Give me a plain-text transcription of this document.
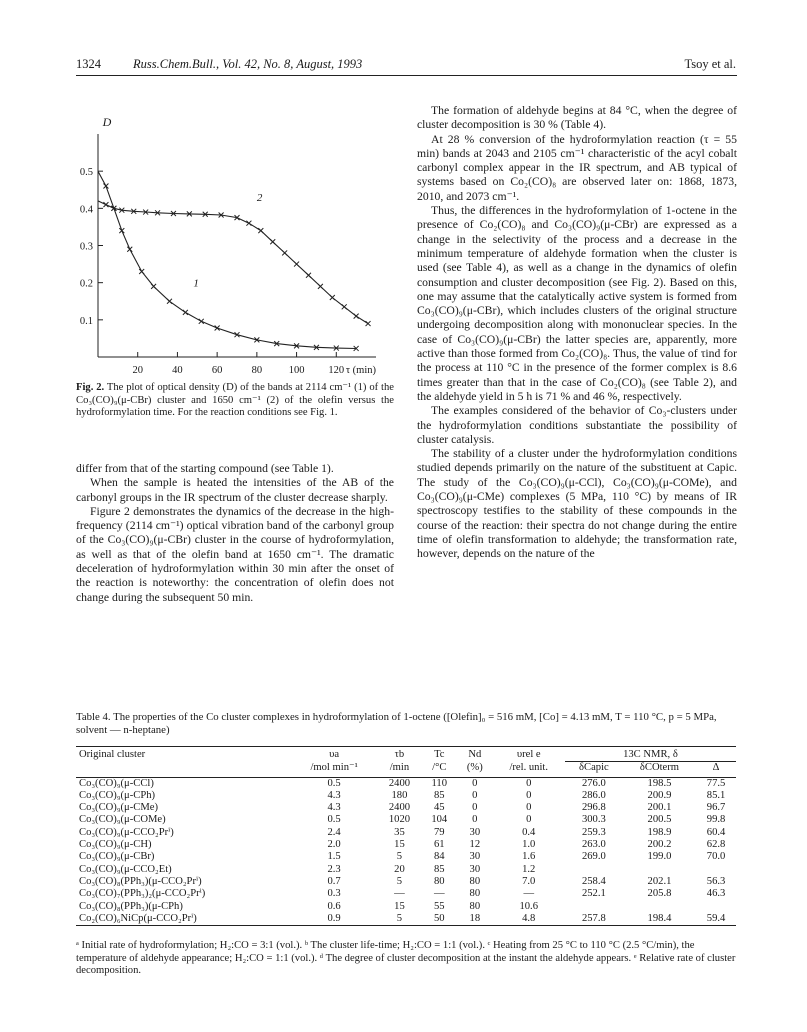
1324	Russ.Chem.Bull., Vol. 42, No. 8, August, 1993	Tsoy et al.
0.1
0.2
0.3
0.4
0.5
20	40	60	80	100 120
D
τ (min)
1
2
Fig. 2. The plot of optical density (D) of the bands at 2114 cm⁻¹ (1) of the Co₃(CO)₉(μ-CBr) cluster and 1650 cm⁻¹ (2) of the olefin versus the hydroformylation time. For the reaction conditions see Fig. 1.

differ from that of the starting compound (see Table 1).

When the sample is heated the intensities of the AB of the carbonyl groups in the IR spectrum of the cluster decrease sharply.

Figure 2 demonstrates the dynamics of the decrease in the high-frequency (2114 cm⁻¹) optical vibration band of the carbonyl group of the Co₃(CO)₉(μ-CBr) cluster in the course of hydroformylation, as well as that of the olefin band at 1650 cm⁻¹. The dramatic deceleration of hydroformylation within 30 min after the onset of the reaction is noteworthy: the concentration of olefin does not change during the subsequent 50 min.

The formation of aldehyde begins at 84 °C, when the degree of cluster decomposition is 30 % (Table 4).

At 28 % conversion of the hydroformylation reaction (τ = 55 min) bands at 2043 and 2105 cm⁻¹ characteristic of the acyl cobalt carbonyl complex appear in the IR spectrum, and AB typical of systems based on Co₂(CO)₈ are observed later on: 1868, 1873, 2010, and 2073 cm⁻¹.

Thus, the differences in the hydroformylation of 1-octene in the presence of Co₂(CO)₈ and Co₃(CO)₉(μ-CBr) are expressed as a change in the selectivity of the process and a decrease in the minimum temperature of aldehyde formation when the cluster is used (see Table 4), as well as a change in the dynamics of olefin consumption and cluster decomposition (see Fig. 2). Based on this, one may assume that the catalytically active system is formed from Co₃(CO)₉(μ-CBr), which includes clusters of the original structure undergoing decomposition along with mononuclear species. In the case of Co₃(CO)₉(μ-CBr) the latter species are, apparently, more active than those formed from Co₂(CO)₈. Thus, the value of τind for the process at 110 °C in the presence of the former complex is 8.6 times greater than that in the case of Co₂(CO)₈ (see Table 2), and the aldehyde yield in 5 h is 71 % and 46 %, respectively.

The examples considered of the behavior of Co₃-clusters under the hydroformylation conditions substantiate the possibility of cluster catalysis.

The stability of a cluster under the hydroformylation conditions studied depends primarily on the nature of the substituent at Capic. The study of the Co₃(CO)₉(μ-CCl), Co₃(CO)₉(μ-COMe), and Co₃(CO)₉(μ-CMe) complexes (5 MPa, 110 °C) by means of IR spectroscopy testifies to the stability of these compounds in the course of the reaction: their spectra do not change during the entire time of olefin transformation to aldehyde; the transformation rate, however, depends on the nature of the

Table 4. The properties of the Co cluster complexes in hydroformylation of 1-octene ([Olefin]₀ = 516 mM, [Co] = 4.13 mM, T = 110 °C, p = 5 MPa, solvent — n-heptane)
Original cluster	υa	τb	Tc	Nd	υrel e	13C NMR, δ		
	/mol min⁻¹	/min	/°C	(%)	/rel. unit.	δCapic	δCOterm	Δ
Co₃(CO)₉(μ-CCl)	0.5	2400	110	0	0	276.0	198.5	77.5
Co₃(CO)₉(μ-CPh)	4.3	180	85	0	0	286.0	200.9	85.1
Co₃(CO)₉(μ-CMe)	4.3	2400	45	0	0	296.8	200.1	96.7
Co₃(CO)₉(μ-COMe)	0.5	1020	104	0	0	300.3	200.5	99.8
Co₃(CO)₉(μ-CCO₂Prⁱ)	2.4	35	79	30	0.4	259.3	198.9	60.4
Co₃(CO)₉(μ-CH)	2.0	15	61	12	1.0	263.0	200.2	62.8
Co₃(CO)₉(μ-CBr)	1.5	5	84	30	1.6	269.0	199.0	70.0
Co₃(CO)₉(μ-CCO₂Et)	2.3	20	85	30	1.2			
Co₃(CO)₈(PPh₃)(μ-CCO₂Prⁱ)	0.7	5	80	80	7.0	258.4	202.1	56.3
Co₃(CO)₇(PPh₃)₂(μ-CCO₂Prⁱ)	0.3	—	—	80	—	252.1	205.8	46.3
Co₃(CO)₈(PPh₃)(μ-CPh)	0.6	15	55	80	10.6			
Co₂(CO)₆NiCp(μ-CCO₂Prⁱ)	0.9	5	50	18	4.8	257.8	198.4	59.4
ᵃ Initial rate of hydroformylation; H₂:CO = 3:1 (vol.). ᵇ The cluster life-time; H₂:CO = 1:1 (vol.). ᶜ Heating from 25 °C to 110 °C (2.5 °C/min), the temperature of aldehyde appearance; H₂:CO = 1:1 (vol.). ᵈ The degree of cluster decomposition at the instant the aldehyde appears. ᵉ Relative rate of cluster decomposition.
